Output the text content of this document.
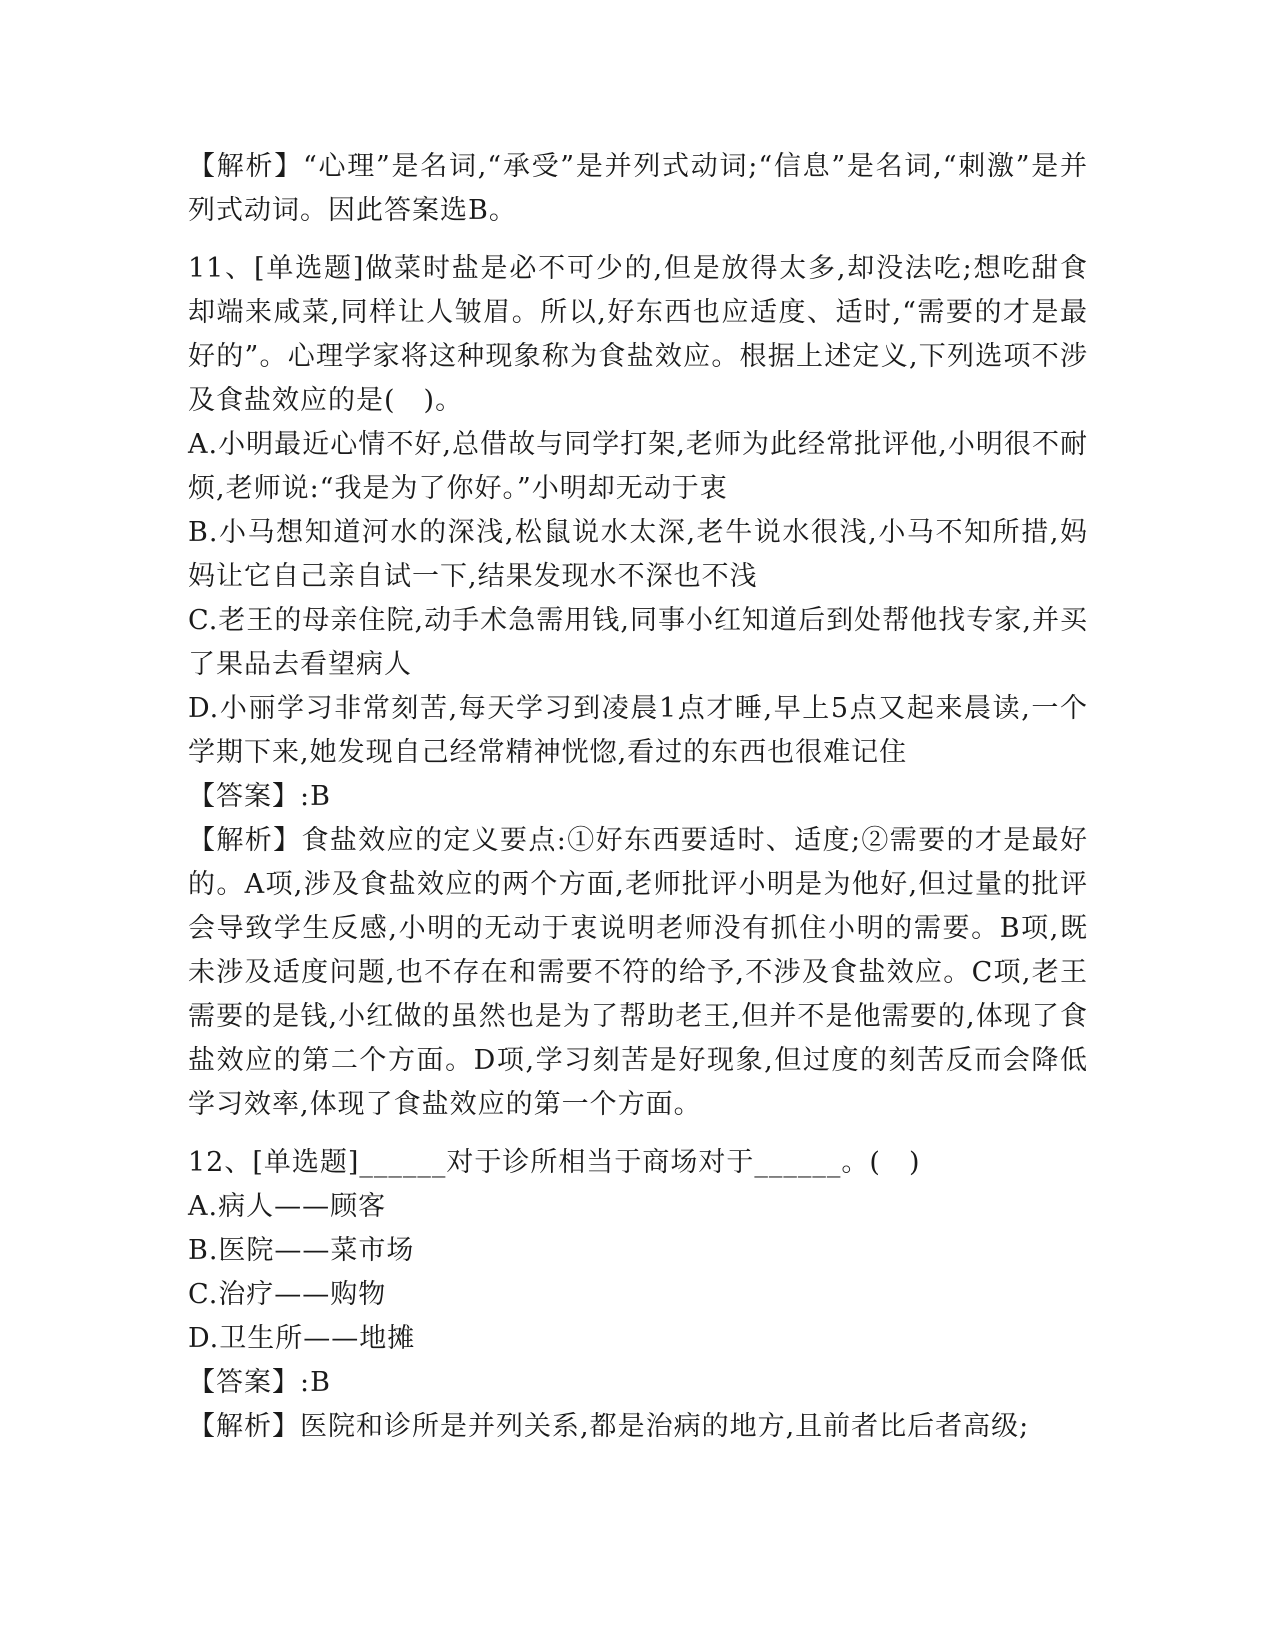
【解析】“心理”是名词,“承受”是并列式动词;“信息”是名词,“刺激”是并列式动词。因此答案选B。

11、[单选题]做菜时盐是必不可少的,但是放得太多,却没法吃;想吃甜食却端来咸菜,同样让人皱眉。所以,好东西也应适度、适时,“需要的才是最好的”。心理学家将这种现象称为食盐效应。根据上述定义,下列选项不涉及食盐效应的是(　)。

A.小明最近心情不好,总借故与同学打架,老师为此经常批评他,小明很不耐烦,老师说:“我是为了你好。”小明却无动于衷

B.小马想知道河水的深浅,松鼠说水太深,老牛说水很浅,小马不知所措,妈妈让它自己亲自试一下,结果发现水不深也不浅

C.老王的母亲住院,动手术急需用钱,同事小红知道后到处帮他找专家,并买了果品去看望病人

D.小丽学习非常刻苦,每天学习到凌晨1点才睡,早上5点又起来晨读,一个学期下来,她发现自己经常精神恍惚,看过的东西也很难记住

【答案】:B

【解析】食盐效应的定义要点:①好东西要适时、适度;②需要的才是最好的。A项,涉及食盐效应的两个方面,老师批评小明是为他好,但过量的批评会导致学生反感,小明的无动于衷说明老师没有抓住小明的需要。B项,既未涉及适度问题,也不存在和需要不符的给予,不涉及食盐效应。C项,老王需要的是钱,小红做的虽然也是为了帮助老王,但并不是他需要的,体现了食盐效应的第二个方面。D项,学习刻苦是好现象,但过度的刻苦反而会降低学习效率,体现了食盐效应的第一个方面。

12、[单选题]______对于诊所相当于商场对于______。(　)

A.病人——顾客

B.医院——菜市场

C.治疗——购物

D.卫生所——地摊

【答案】:B

【解析】医院和诊所是并列关系,都是治病的地方,且前者比后者高级;
